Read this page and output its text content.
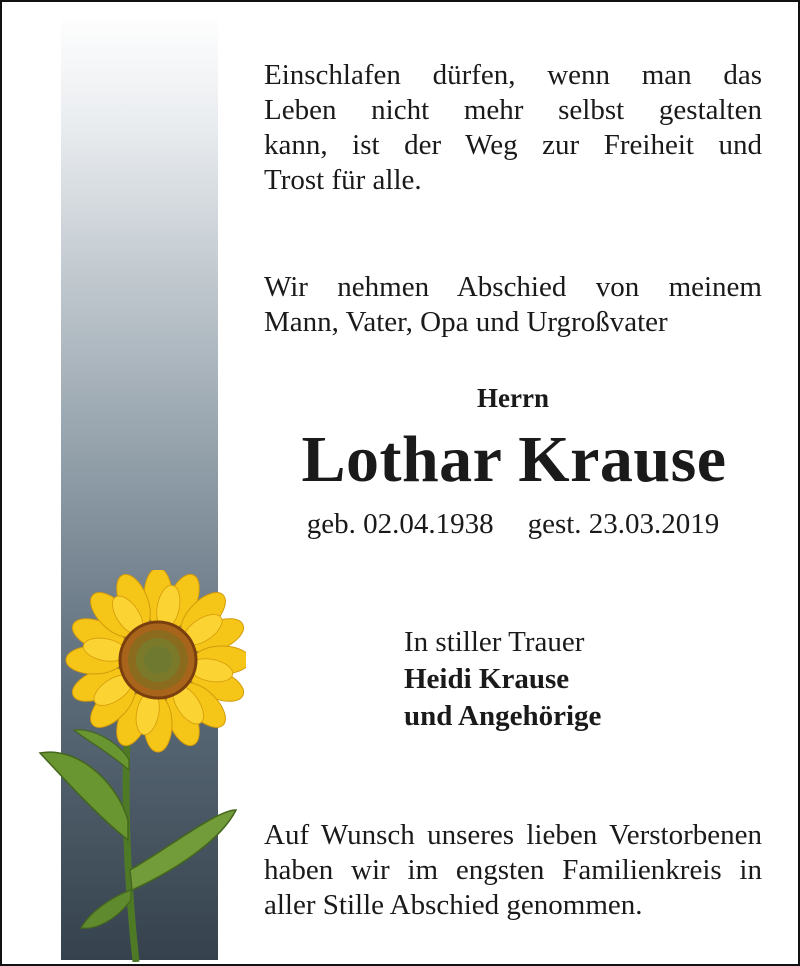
Einschlafen dürfen, wenn man das
Leben nicht mehr selbst gestalten
kann, ist der Weg zur Freiheit und
Trost für alle.
Wir nehmen Abschied von meinem
Mann, Vater, Opa und Urgroßvater
Herrn
Lothar Krause
geb. 02.04.1938 gest. 23.03.2019
In stiller Trauer
Heidi Krause
und Angehörige
Auf Wunsch unseres lieben Verstorbenen
haben wir im engsten Familienkreis in
aller Stille Abschied genommen.
